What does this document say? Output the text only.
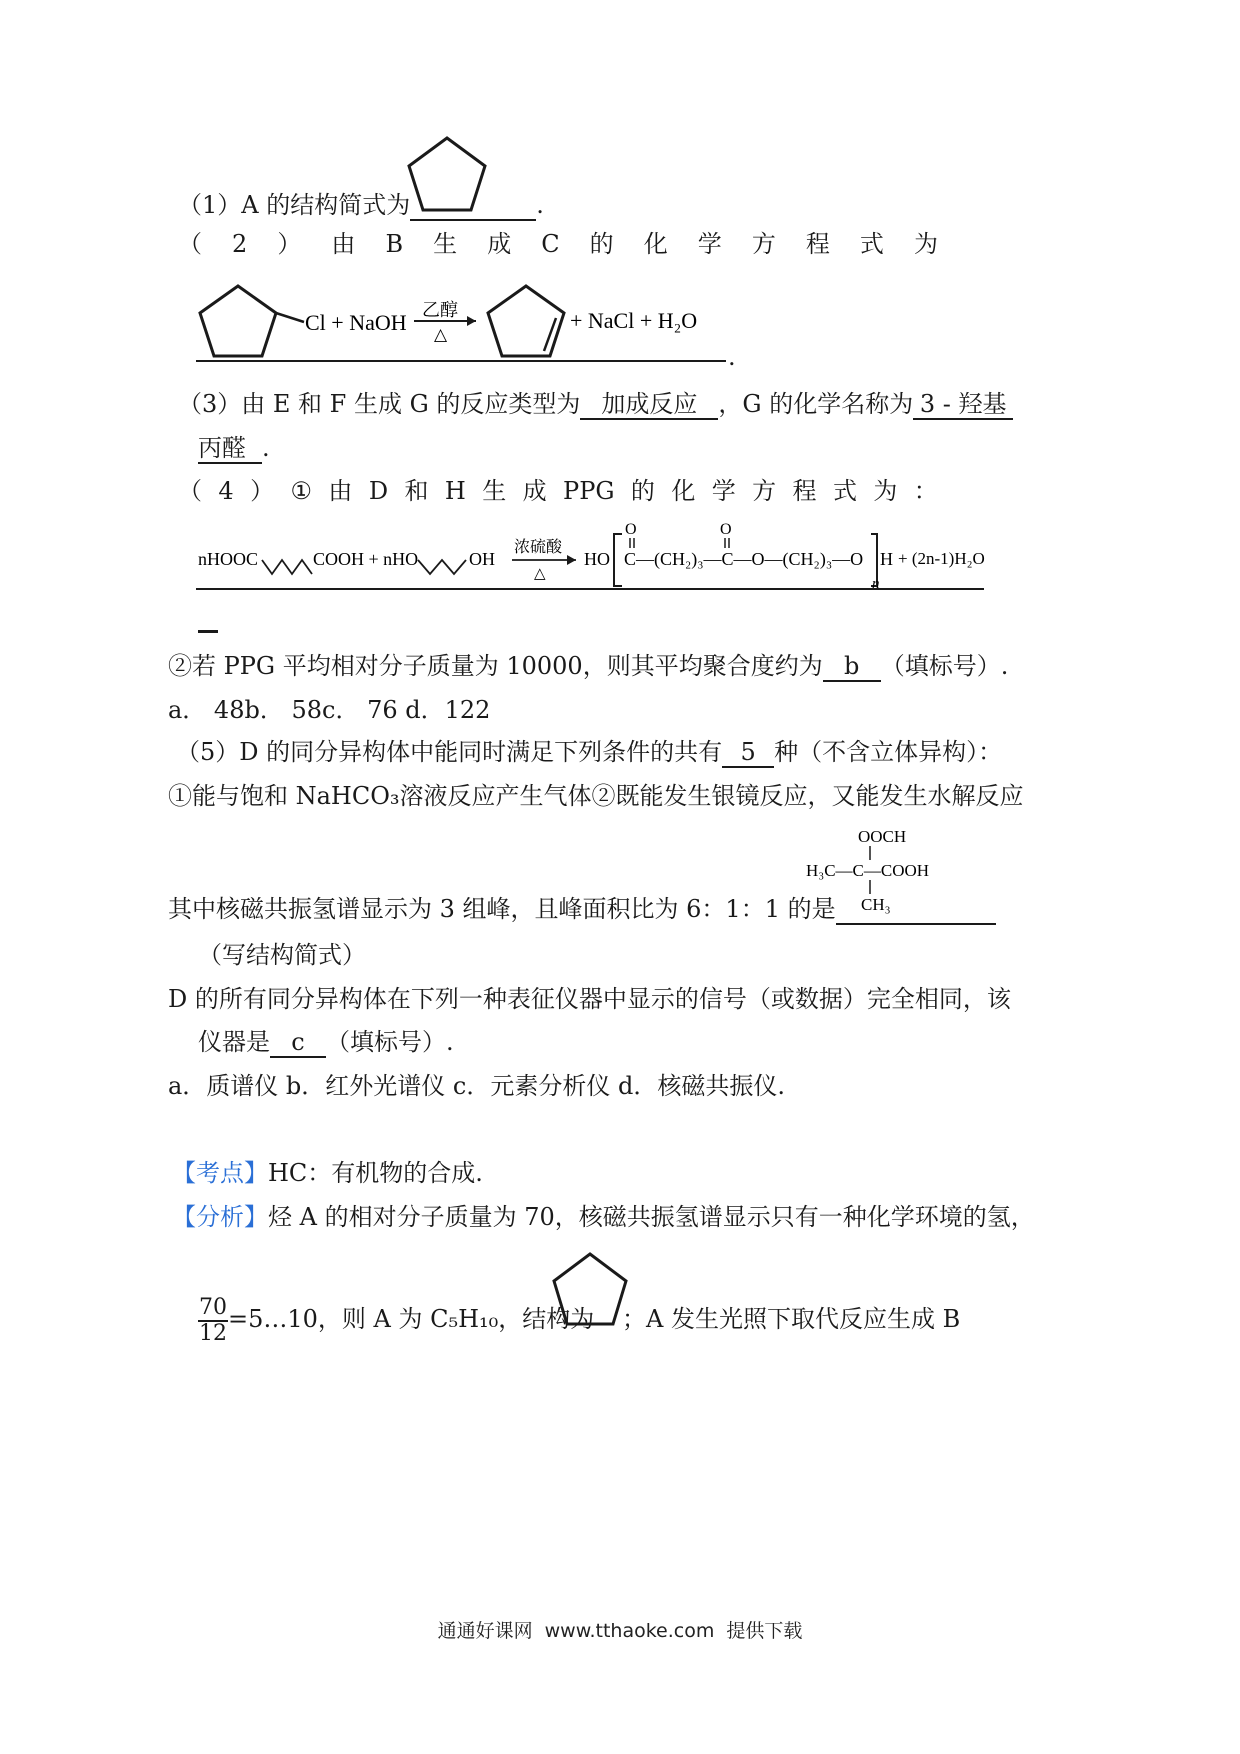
（1）A 的结构简式为	.
（ 2 ） 由 B 生 成 C 的 化 学 方 程 式 为
Cl + NaOH 乙醇
△
+ NaCl + H₂O
.
（3）由 E 和 F 生成 G 的反应类型为 加成反应 ，G 的化学名称为 3 - 羟基
丙醛 .
（ 4 ） ① 由 D 和 H 生 成 PPG 的 化 学 方 程 式 为 ：
nHOOC	COOH + nHO	OH
浓硫酸
△
HO
O	O
C—(CH₂)₃—C—O—(CH₂)₃—O H
n
+ (2n-1)H₂O
②若 PPG 平均相对分子质量为 10000，则其平均聚合度约为 b （填标号）.
a． 48b． 58c． 76 d．122
（5）D 的同分异构体中能同时满足下列条件的共有 5 种（不含立体异构）：
①能与饱和 NaHCO₃溶液反应产生气体②既能发生银镜反应，又能发生水解反应
OOCH
H₃C—C—COOH
CH₃
其中核磁共振氢谱显示为 3 组峰，且峰面积比为 6：1：1 的是
（写结构简式）
D 的所有同分异构体在下列一种表征仪器中显示的信号（或数据）完全相同，该
仪器是 c （填标号）.
a．质谱仪 b．红外光谱仪 c．元素分析仪 d．核磁共振仪.
【考点】HC：有机物的合成.
【分析】烃 A 的相对分子质量为 70，核磁共振氢谱显示只有一种化学环境的氢，
$\frac{70}{12}$ =5…10，则 A 为 C₅H₁₀，结构为 ；A 发生光照下取代反应生成 B
通通好课网 www.tthaoke.com 提供下载
